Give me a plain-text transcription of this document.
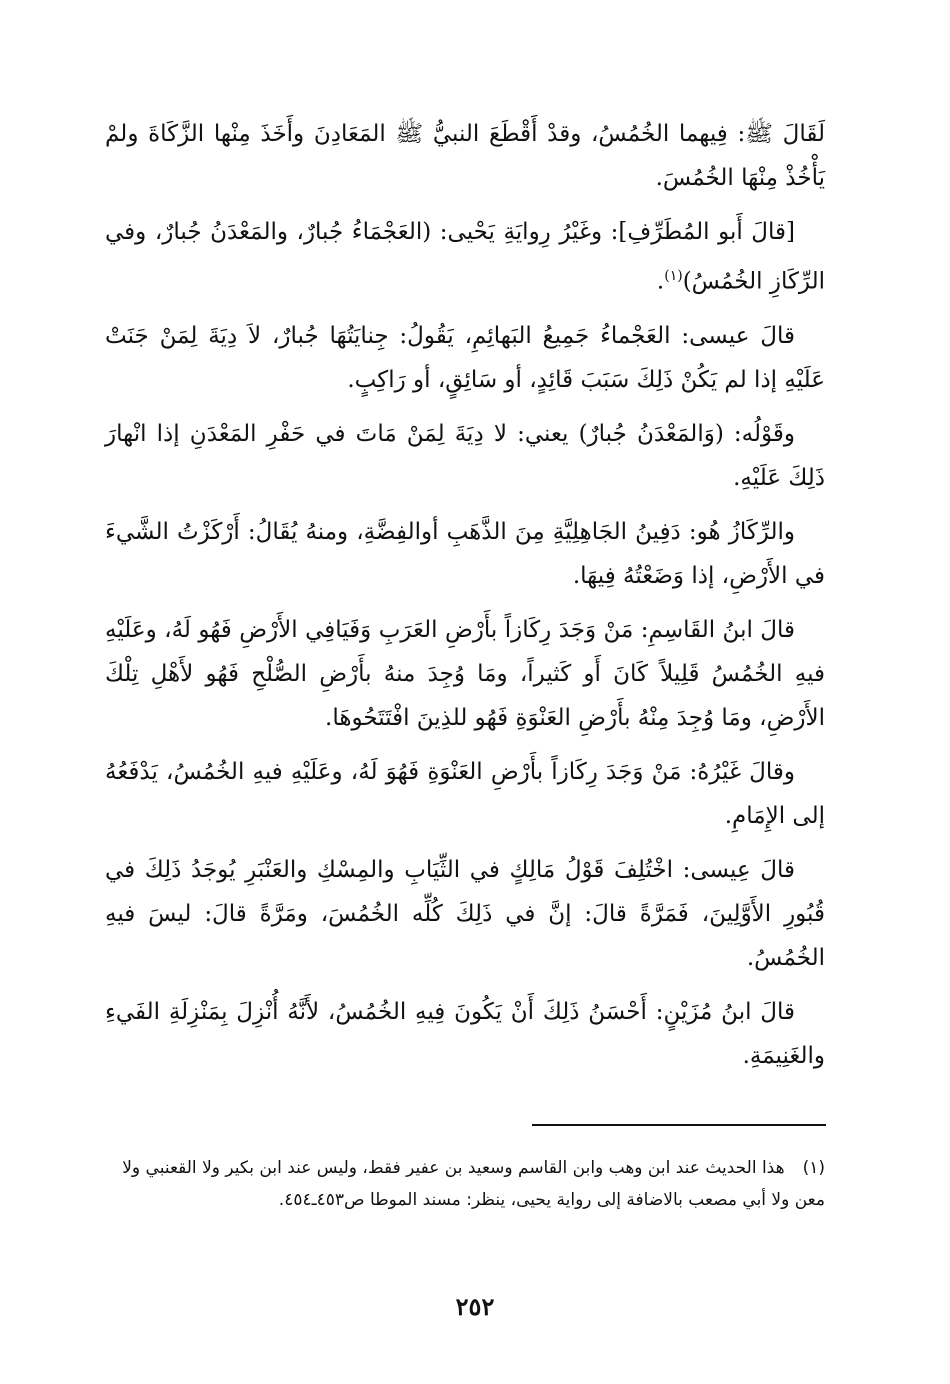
لَقَالَ ﷺ: فِيهما الخُمُسُ، وقدْ أَقْطَعَ النبيُّ ﷺ المَعَادِنَ وأَخَذَ مِنْها الزَّكَاةَ ولمْ يَأْخُذْ مِنْهَا الخُمُسَ.

[قالَ أَبو المُطَرِّفِ]: وغَيْرُ رِوايَةِ يَحْيى: (العَجْمَاءُ جُبارٌ، والمَعْدَنُ جُبارٌ، وفي الرِّكَازِ الخُمُسُ)$^{(١)}$.

قالَ عيسى: العَجْماءُ جَمِيعُ البَهائِمِ، يَقُولُ: جِنايَتُهَا جُبارٌ، لاَ دِيَةَ لِمَنْ جَنَتْ عَلَيْهِ إذا لم يَكُنْ ذَلِكَ سَبَبَ قَائِدٍ، أو سَائِقٍ، أو رَاكِبٍ.

وقَوْلُه: (وَالمَعْدَنُ جُبارٌ) يعني: لا دِيَةَ لِمَنْ مَاتَ في حَفْرِ المَعْدَنِ إذا انْهارَ ذَلِكَ عَلَيْهِ.

والرِّكَازُ هُو: دَفِينُ الجَاهِلِيَّةِ مِنَ الذَّهَبِ أوالفِضَّةِ، ومنهُ يُقَالُ: أَرْكَزْتُ الشَّيءَ في الأَرْضِ، إذا وَضَعْتُهُ فِيهَا.

قالَ ابنُ القَاسِمِ: مَنْ وَجَدَ رِكَازاً بأَرْضِ العَرَبِ وَفَيَافِي الأَرْضِ فَهُو لَهُ، وعَلَيْهِ فيهِ الخُمُسُ قَلِيلاً كَانَ أَو كَثيراً، ومَا وُجِدَ منهُ بأَرْضِ الصُّلْحِ فَهُو لأَهْلِ تِلْكَ الأَرْضِ، ومَا وُجِدَ مِنْهُ بأَرْضِ العَنْوَةِ فَهُو للذِينَ افْتَتَحُوهَا.

وقالَ غَيْرُهُ: مَنْ وَجَدَ رِكَازاً بأَرْضِ العَنْوَةِ فَهُوَ لَهُ، وعَلَيْهِ فيهِ الخُمُسُ، يَدْفَعُهُ إلى الإِمَامِ.

قالَ عِيسى: اخْتُلِفَ قَوْلُ مَالِكٍ في الثِّيَابِ والمِسْكِ والعَنْبَرِ يُوجَدُ ذَلِكَ في قُبُورِ الأَوَّلِينَ، فَمَرَّةً قالَ: إنَّ في ذَلِكَ كُلِّه الخُمُسَ، ومَرَّةً قالَ: ليسَ فيهِ الخُمُسُ.

قالَ ابنُ مُزَيْنٍ: أَحْسَنُ ذَلِكَ أَنْ يَكُونَ فِيهِ الخُمُسُ، لأَنَّهُ أُنْزِلَ بِمَنْزِلَةِ الفَيءِ والغَنِيمَةِ.

(١)هذا الحديث عند ابن وهب وابن القاسم وسعيد بن عفير فقط، وليس عند ابن بكير ولا القعنبي ولا معن ولا أبي مصعب بالاضافة إلى رواية يحيى، ينظر: مسند الموطا ص٤٥٣ـ٤٥٤.
٢٥٢
